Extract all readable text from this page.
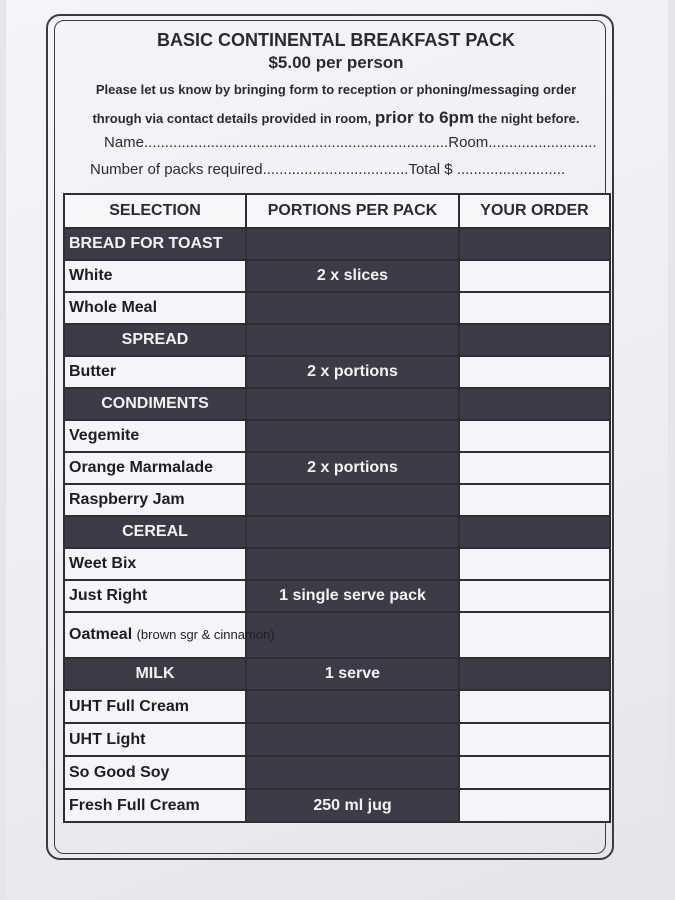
BASIC CONTINENTAL BREAKFAST PACK
$5.00 per person
Please let us know by bringing form to reception or phoning/messaging order
through via contact details provided in room, prior to 6pm the night before.
Name.........................................................................Room..........................
Number of packs required...................................Total $ ..........................
SELECTION	PORTIONS PER PACK	YOUR ORDER
BREAD FOR TOAST		
White	2 x slices	
Whole Meal		
SPREAD		
Butter	2 x portions	
CONDIMENTS		
Vegemite		
Orange Marmalade	2 x portions	
Raspberry Jam		
CEREAL		
Weet Bix		
Just Right	1 single serve pack	
Oatmeal (brown sgr & cinnamon)		
MILK	1 serve	
UHT Full Cream		
UHT Light		
So Good Soy		
Fresh Full Cream	250 ml jug	
